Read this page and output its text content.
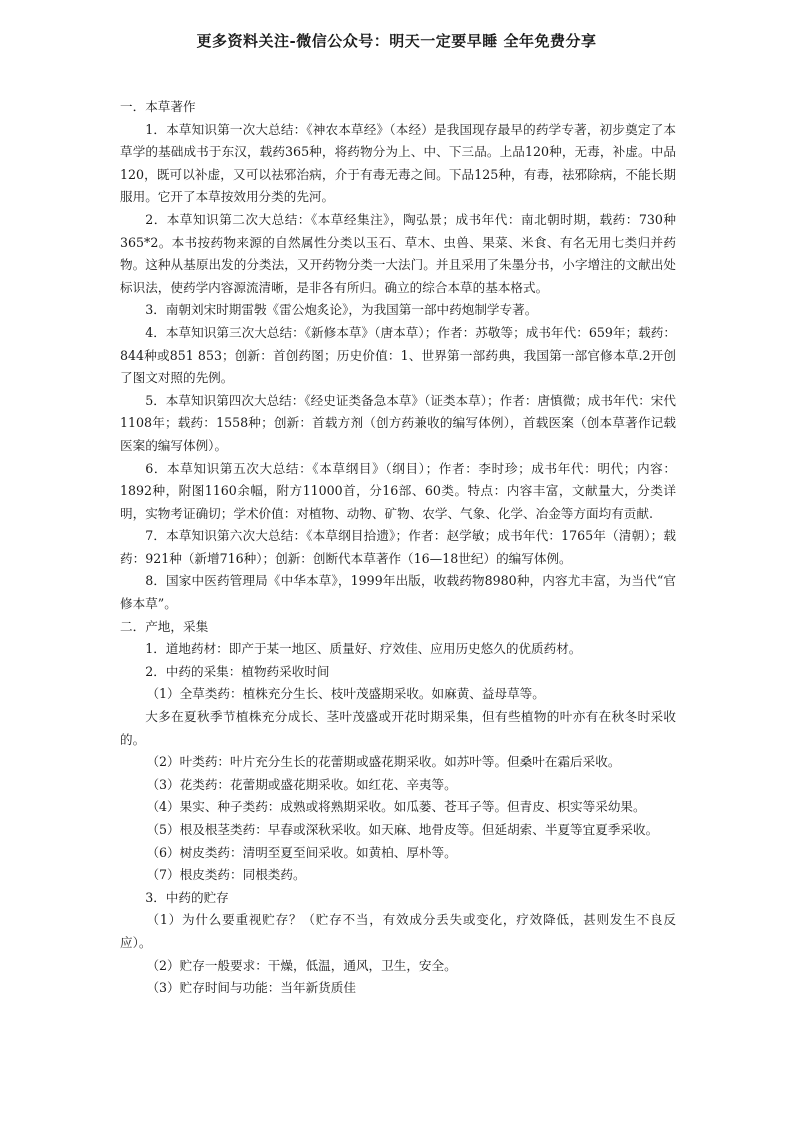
更多资料关注-微信公众号：明天一定要早睡 全年免费分享

一．本草著作

1．本草知识第一次大总结：《神农本草经》（本经）是我国现存最早的药学专著，初步奠定了本草学的基础成书于东汉，载药365种，将药物分为上、中、下三品。上品120种，无毒，补虚。中品120，既可以补虚，又可以祛邪治病，介于有毒无毒之间。下品125种，有毒，祛邪除病，不能长期服用。它开了本草按效用分类的先河。

2．本草知识第二次大总结：《本草经集注》，陶弘景；成书年代：南北朝时期，载药：730种365*2。本书按药物来源的自然属性分类以玉石、草木、虫兽、果菜、米食、有名无用七类归并药物。这种从基原出发的分类法，又开药物分类一大法门。并且采用了朱墨分书，小字增注的文献出处标识法，使药学内容源流清晰，是非各有所归。确立的综合本草的基本格式。

3．南朝刘宋时期雷斅《雷公炮炙论》，为我国第一部中药炮制学专著。

4．本草知识第三次大总结：《新修本草》（唐本草）；作者：苏敬等；成书年代：659年；载药：844种或851 853；创新：首创药图；历史价值：1、世界第一部药典，我国第一部官修本草.2开创了图文对照的先例。

5．本草知识第四次大总结：《经史证类备急本草》（证类本草）；作者：唐慎微；成书年代：宋代 1108年；载药：1558种；创新：首载方剂（创方药兼收的编写体例），首载医案（创本草著作记载医案的编写体例）。

6．本草知识第五次大总结：《本草纲目》（纲目）；作者：李时珍；成书年代：明代；内容：1892种，附图1160余幅，附方11000首，分16部、60类。特点：内容丰富，文献量大，分类详明，实物考证确切；学术价值：对植物、动物、矿物、农学、气象、化学、冶金等方面均有贡献.

7．本草知识第六次大总结：《本草纲目拾遗》；作者：赵学敏；成书年代：1765年（清朝）；载药：921种（新增716种）；创新：创断代本草著作（16—18世纪）的编写体例。

8．国家中医药管理局《中华本草》，1999年出版，收载药物8980种，内容尤丰富，为当代“官修本草”。

二．产地，采集

1．道地药材：即产于某一地区、质量好、疗效佳、应用历史悠久的优质药材。

2．中药的采集：植物药采收时间

（1）全草类药：植株充分生长、枝叶茂盛期采收。如麻黄、益母草等。

大多在夏秋季节植株充分成长、茎叶茂盛或开花时期采集，但有些植物的叶亦有在秋冬时采收的。

（2）叶类药：叶片充分生长的花蕾期或盛花期采收。如苏叶等。但桑叶在霜后采收。

（3）花类药：花蕾期或盛花期采收。如红花、辛夷等。

（4）果实、种子类药：成熟或将熟期采收。如瓜蒌、苍耳子等。但青皮、枳实等采幼果。

（5）根及根茎类药：早春或深秋采收。如天麻、地骨皮等。但延胡索、半夏等宜夏季采收。

（6）树皮类药：清明至夏至间采收。如黄柏、厚朴等。

（7）根皮类药：同根类药。

3．中药的贮存

（1）为什么要重视贮存？（贮存不当，有效成分丢失或变化，疗效降低，甚则发生不良反应）。

（2）贮存一般要求：干燥，低温，通风，卫生，安全。

（3）贮存时间与功能：当年新货质佳
